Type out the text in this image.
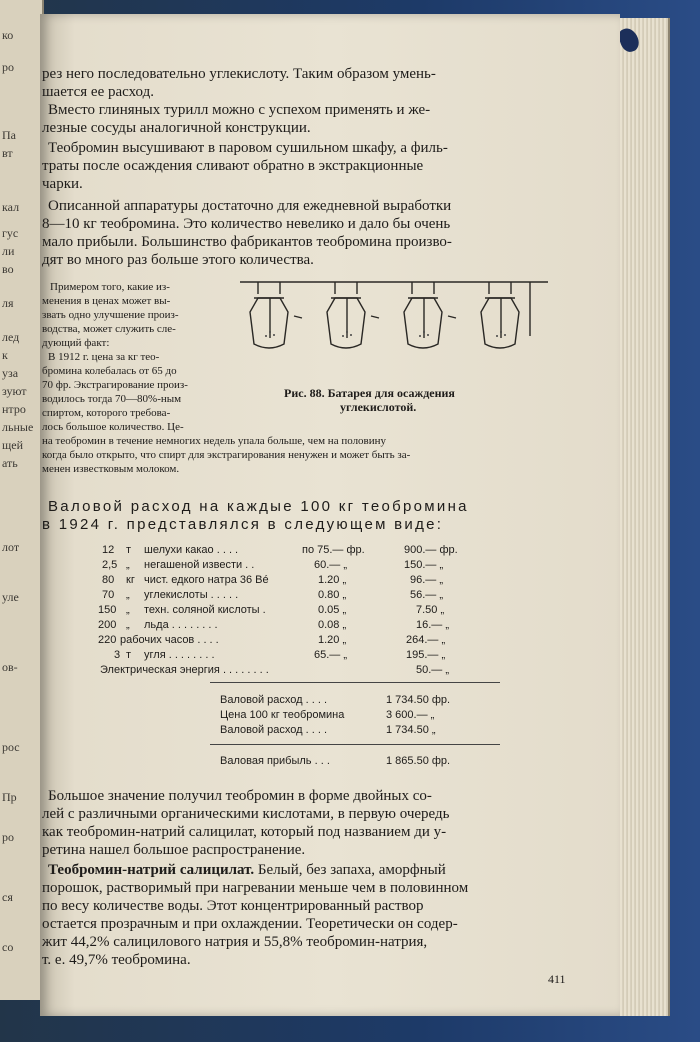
ко
ро
Па
вт
кал
гус
ли
во
ля
лед
к
уза
зуют
нтро
льные
щей
ать
лот
уле
ов-
рос
Пр
ро
ся
со
рез него последовательно углекислоту. Таким образом умень-
шается ее расход.
Вместо глиняных турилл можно с успехом применять и же-
лезные сосуды аналогичной конструкции.
Теобромин высушивают в паровом сушильном шкафу, а филь-
траты после осаждения сливают обратно в экстракционные
чарки.
Описанной аппаратуры достаточно для ежедневной выработки
8—10 кг теобромина. Это количество невелико и дало бы очень
мало прибыли. Большинство фабрикантов теобромина произво-
дят во много раз больше этого количества.
Примером того, какие из-
менения в ценах может вы-
звать одно улучшение произ-
водства, может служить сле-
дующий факт:
В 1912 г. цена за кг тео-
бромина колебалась от 65 до
70 фр. Экстрагирование произ-
водилось тогда 70—80%-ным
спиртом, которого требова-
лось большое количество. Це-
на теобромин в течение немногих недель упала больше, чем на половину
когда было открыто, что спирт для экстрагирования ненужен и может быть за-
менен известковым молоком.
Рис. 88. Батарея для осаждения
углекислотой.
Валовой расход на каждые 100 кг теобромина
в 1924 г. представлялся в следующем виде:
12 т шелухи какао . . . .	по 75.— фр.	900.— фр.
2,5 „ негашеной извести . .	60.— „	150.— „
80 кг чист. едкого натра 36 Bé	1.20 „	96.— „
70 „ углекислоты . . . . .	0.80 „	56.— „
150 „ техн. соляной кислоты .	0.05 „	7.50 „
200 „ льда . . . . . . . .	0.08 „	16.— „
220 рабочих часов . . . .	1.20 „	264.— „
3 т угля . . . . . . . .	65.— „	195.— „
Электрическая энергия . . . . . . . .	50.— „
Валовой расход . . . .	1 734.50 фр.
Цена 100 кг теобромина	3 600.— „
Валовой расход . . . .	1 734.50 „
Валовая прибыль . . .	1 865.50 фр.
Большое значение получил теобромин в форме двойных со-
лей с различными органическими кислотами, в первую очередь
как теобромин-натрий салицилат, который под названием ди у-
ретина нашел большое распространение.
Теобромин-натрий салицилат. Белый, без запаха, аморфный
порошок, растворимый при нагревании меньше чем в половинном
по весу количестве воды. Этот концентрированный раствор
остается прозрачным и при охлаждении. Теоретически он содер-
жит 44,2% салицилового натрия и 55,8% теобромин-натрия,
т. е. 49,7% теобромина.
411
